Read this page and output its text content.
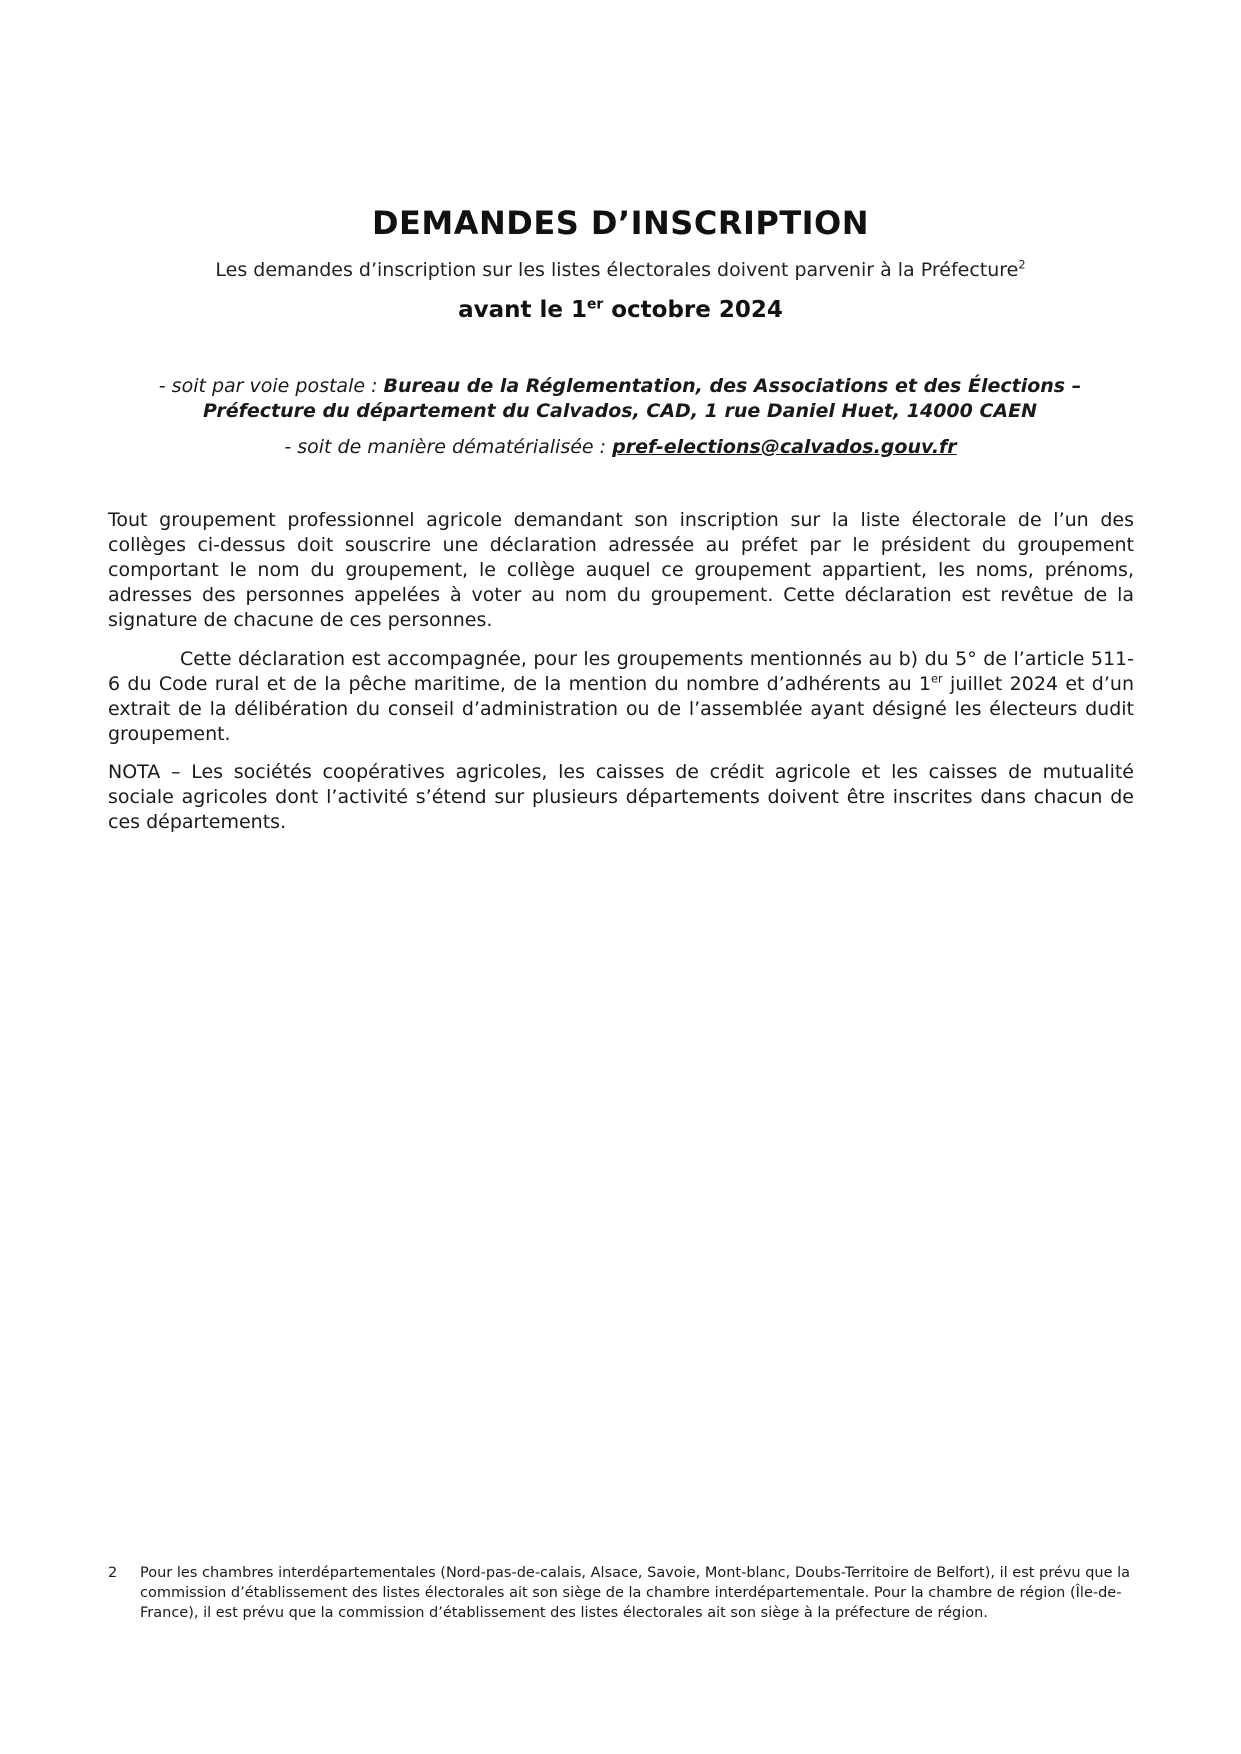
DEMANDES D’INSCRIPTION
Les demandes d’inscription sur les listes électorales doivent parvenir à la Préfecture$^2$
avant le 1er octobre 2024
- soit par voie postale : Bureau de la Réglementation, des Associations et des Élections – Préfecture du département du Calvados, CAD, 1 rue Daniel Huet, 14000 CAEN
- soit de manière dématérialisée : pref-elections@calvados.gouv.fr
Tout groupement professionnel agricole demandant son inscription sur la liste électorale de l’un des collèges ci-dessus doit souscrire une déclaration adressée au préfet par le président du groupement comportant le nom du groupement, le collège auquel ce groupement appartient, les noms, prénoms, adresses des personnes appelées à voter au nom du groupement. Cette déclaration est revêtue de la signature de chacune de ces personnes.
Cette déclaration est accompagnée, pour les groupements mentionnés au b) du 5° de l’article 511-6 du Code rural et de la pêche maritime, de la mention du nombre d’adhérents au 1er juillet 2024 et d’un extrait de la délibération du conseil d’administration ou de l’assemblée ayant désigné les électeurs dudit groupement.
NOTA – Les sociétés coopératives agricoles, les caisses de crédit agricole et les caisses de mutualité sociale agricoles dont l’activité s’étend sur plusieurs départements doivent être inscrites dans chacun de ces départements.
2 Pour les chambres interdépartementales (Nord-pas-de-calais, Alsace, Savoie, Mont-blanc, Doubs-Territoire de Belfort), il est prévu que la commission d’établissement des listes électorales ait son siège de la chambre interdépartementale. Pour la chambre de région (Île-de-France), il est prévu que la commission d’établissement des listes électorales ait son siège à la préfecture de région.
